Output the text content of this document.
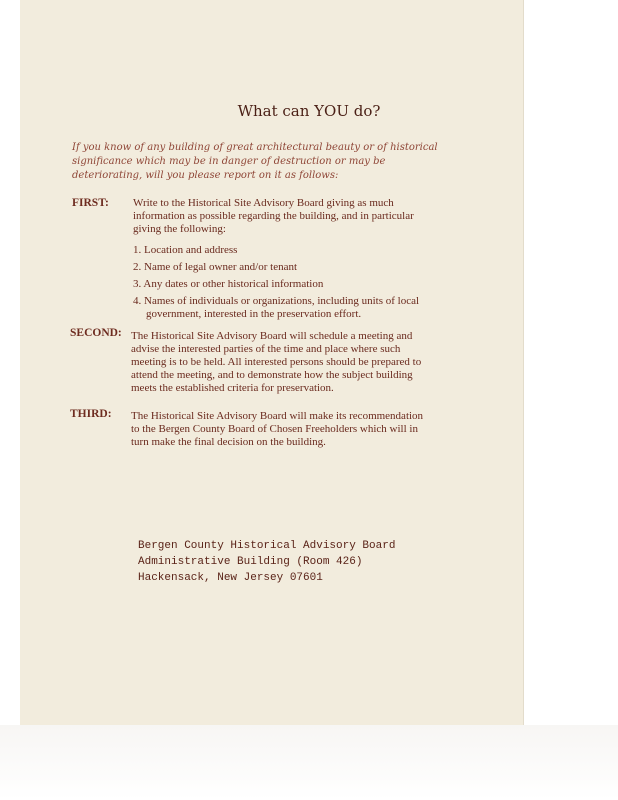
What can YOU do?
If you know of any building of great architectural beauty or of historical significance which may be in danger of destruction or may be deteriorating, will you please report on it as follows:
FIRST: Write to the Historical Site Advisory Board giving as much information as possible regarding the building, and in particular giving the following:
1. Location and address
2. Name of legal owner and/or tenant
3. Any dates or other historical information
4. Names of individuals or organizations, including units of local government, interested in the preservation effort.
SECOND: The Historical Site Advisory Board will schedule a meeting and advise the interested parties of the time and place where such meeting is to be held. All interested persons should be prepared to attend the meeting, and to demonstrate how the subject building meets the established criteria for preservation.
THIRD: The Historical Site Advisory Board will make its recommendation to the Bergen County Board of Chosen Freeholders which will in turn make the final decision on the building.
Bergen County Historical Advisory Board
Administrative Building (Room 426)
Hackensack, New Jersey 07601
